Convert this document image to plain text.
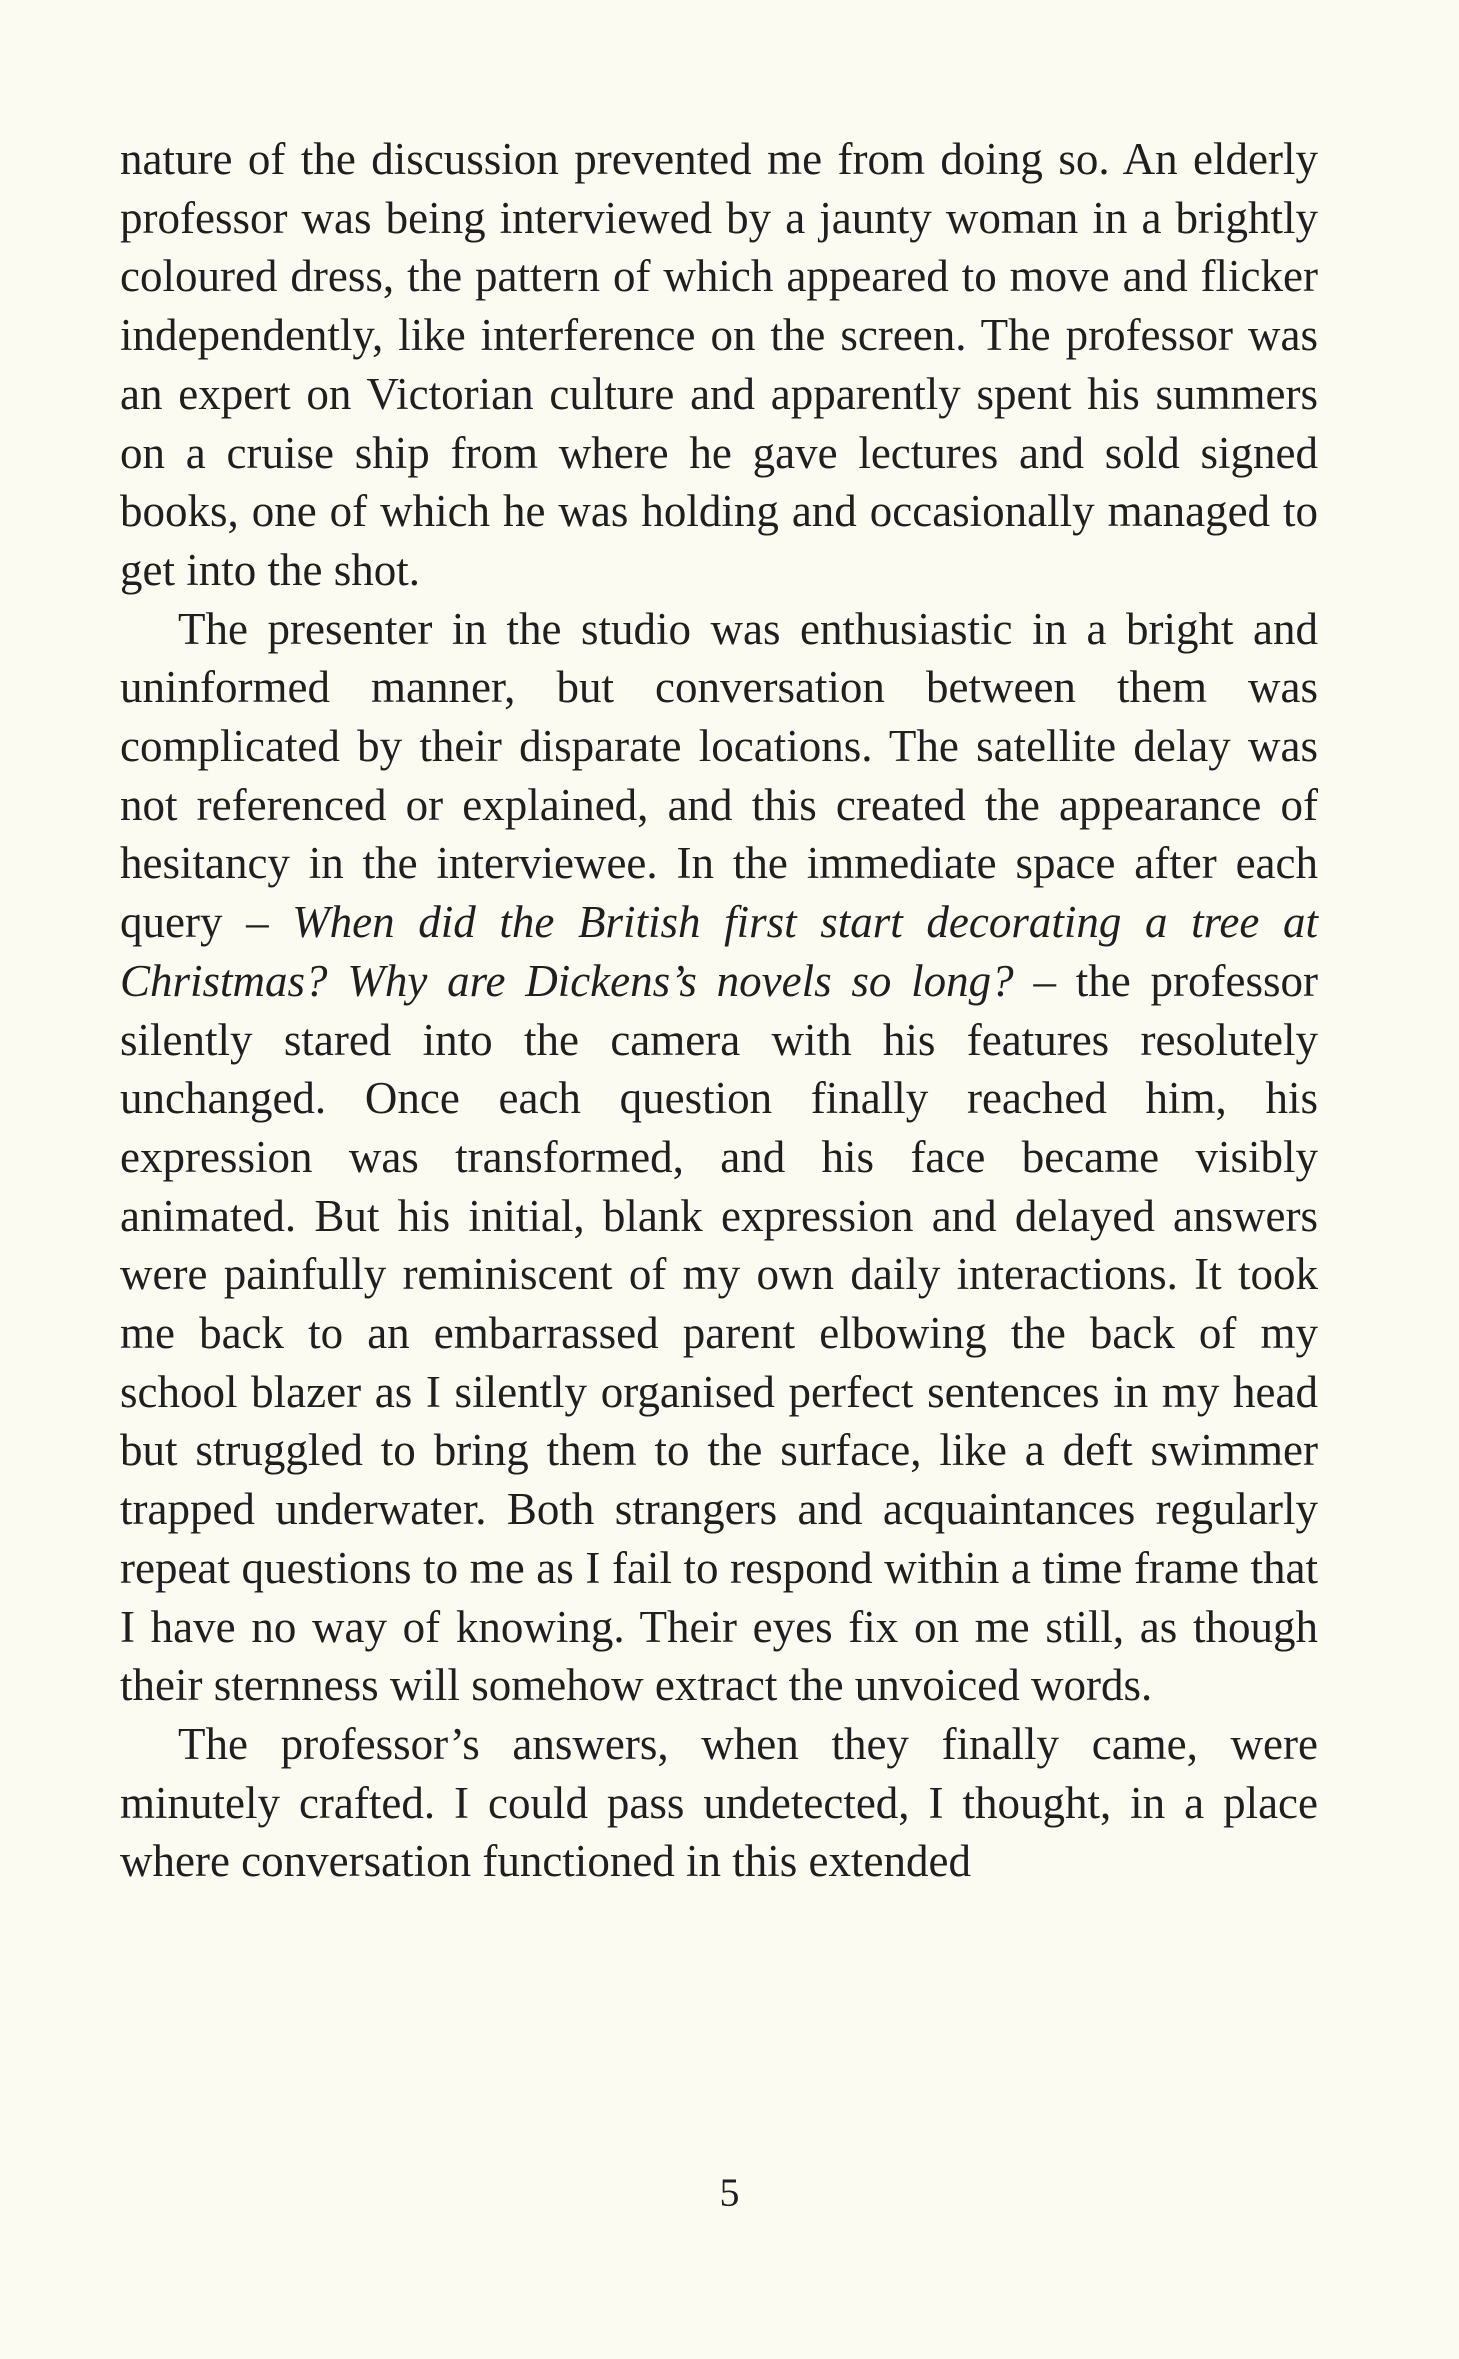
nature of the discussion prevented me from doing so. An elderly professor was being interviewed by a jaunty woman in a brightly coloured dress, the pattern of which appeared to move and flicker independently, like interference on the screen. The professor was an expert on Victorian culture and apparently spent his summers on a cruise ship from where he gave lectures and sold signed books, one of which he was holding and occasionally managed to get into the shot.

The presenter in the studio was enthusiastic in a bright and uninformed manner, but conversation between them was complicated by their disparate locations. The satellite delay was not referenced or explained, and this created the appearance of hesitancy in the interviewee. In the immediate space after each query – When did the British first start decorating a tree at Christmas? Why are Dickens’s novels so long? – the professor silently stared into the camera with his features resolutely unchanged. Once each question finally reached him, his expression was transformed, and his face became visibly animated. But his initial, blank expression and delayed answers were painfully reminiscent of my own daily interactions. It took me back to an embarrassed parent elbowing the back of my school blazer as I silently organised perfect sentences in my head but struggled to bring them to the surface, like a deft swimmer trapped underwater. Both strangers and acquaintances regularly repeat questions to me as I fail to respond within a time frame that I have no way of knowing. Their eyes fix on me still, as though their sternness will somehow extract the unvoiced words.

The professor’s answers, when they finally came, were minutely crafted. I could pass undetected, I thought, in a place where conversation functioned in this extended

5
